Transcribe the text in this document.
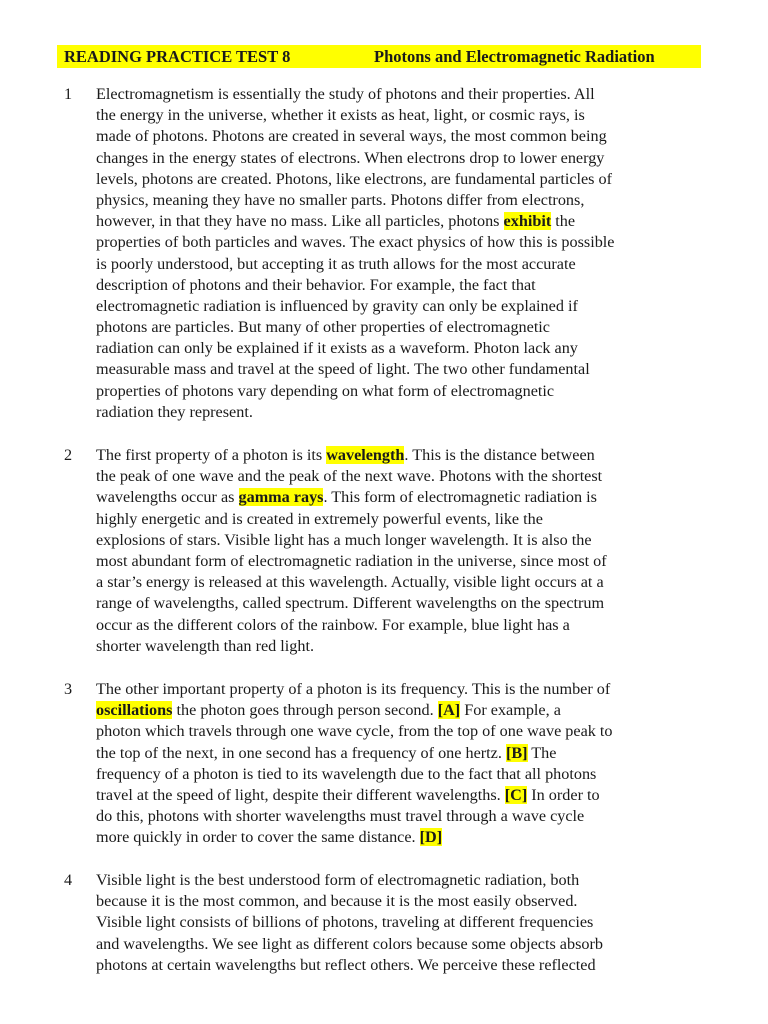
READING PRACTICE TEST 8	Photons and Electromagnetic Radiation
1 Electromagnetism is essentially the study of photons and their properties. All
the energy in the universe, whether it exists as heat, light, or cosmic rays, is
made of photons. Photons are created in several ways, the most common being
changes in the energy states of electrons. When electrons drop to lower energy
levels, photons are created. Photons, like electrons, are fundamental particles of
physics, meaning they have no smaller parts. Photons differ from electrons,
however, in that they have no mass. Like all particles, photons exhibit the
properties of both particles and waves. The exact physics of how this is possible
is poorly understood, but accepting it as truth allows for the most accurate
description of photons and their behavior. For example, the fact that
electromagnetic radiation is influenced by gravity can only be explained if
photons are particles. But many of other properties of electromagnetic
radiation can only be explained if it exists as a waveform. Photon lack any
measurable mass and travel at the speed of light. The two other fundamental
properties of photons vary depending on what form of electromagnetic
radiation they represent.
2 The first property of a photon is its wavelength. This is the distance between
the peak of one wave and the peak of the next wave. Photons with the shortest
wavelengths occur as gamma rays. This form of electromagnetic radiation is
highly energetic and is created in extremely powerful events, like the
explosions of stars. Visible light has a much longer wavelength. It is also the
most abundant form of electromagnetic radiation in the universe, since most of
a star’s energy is released at this wavelength. Actually, visible light occurs at a
range of wavelengths, called spectrum. Different wavelengths on the spectrum
occur as the different colors of the rainbow. For example, blue light has a
shorter wavelength than red light.
3 The other important property of a photon is its frequency. This is the number of
oscillations the photon goes through person second. [A] For example, a
photon which travels through one wave cycle, from the top of one wave peak to
the top of the next, in one second has a frequency of one hertz. [B] The
frequency of a photon is tied to its wavelength due to the fact that all photons
travel at the speed of light, despite their different wavelengths. [C] In order to
do this, photons with shorter wavelengths must travel through a wave cycle
more quickly in order to cover the same distance. [D]
4 Visible light is the best understood form of electromagnetic radiation, both
because it is the most common, and because it is the most easily observed.
Visible light consists of billions of photons, traveling at different frequencies
and wavelengths. We see light as different colors because some objects absorb
photons at certain wavelengths but reflect others. We perceive these reflected
